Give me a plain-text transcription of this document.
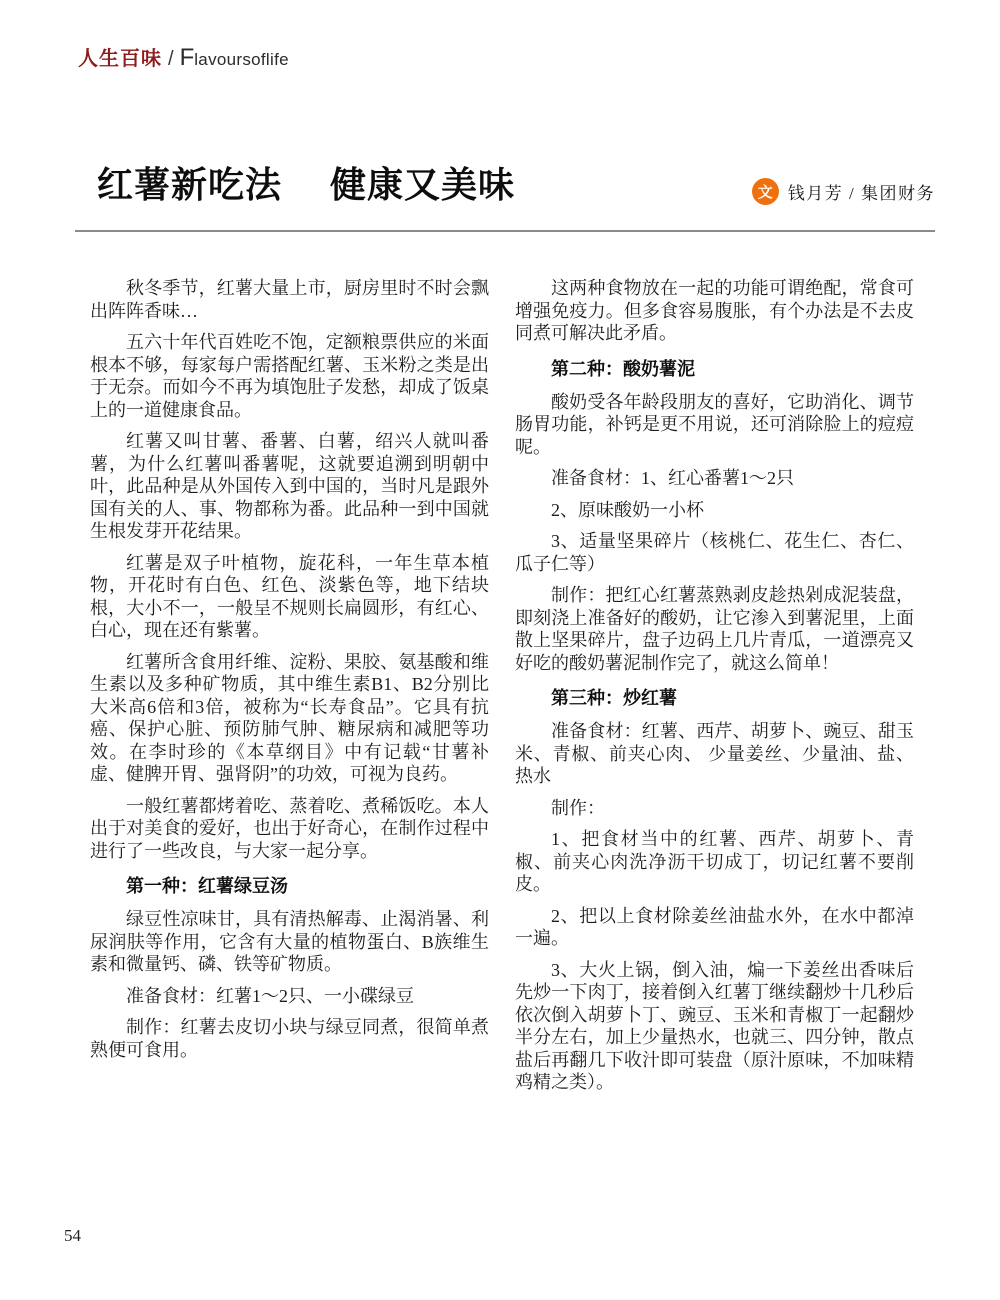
人生百味 / F lavoursoflife
红薯新吃法　 健康又美味	文 钱月芳 / 集团财务

秋冬季节，红薯大量上市，厨房里时不时会飘出阵阵香味…

五六十年代百姓吃不饱，定额粮票供应的米面根本不够，每家每户需搭配红薯、玉米粉之类是出于无奈。而如今不再为填饱肚子发愁，却成了饭桌上的一道健康食品。

红薯又叫甘薯、番薯、白薯，绍兴人就叫番薯，为什么红薯叫番薯呢，这就要追溯到明朝中叶，此品种是从外国传入到中国的，当时凡是跟外国有关的人、事、物都称为番。此品种一到中国就生根发芽开花结果。

红薯是双子叶植物，旋花科，一年生草本植物，开花时有白色、红色、淡紫色等，地下结块根，大小不一，一般呈不规则长扁圆形，有红心、白心，现在还有紫薯。

红薯所含食用纤维、淀粉、果胶、氨基酸和维生素以及多种矿物质，其中维生素B1、B2分别比大米高6倍和3倍，被称为“长寿食品”。它具有抗癌、保护心脏、预防肺气肿、糖尿病和减肥等功效。在李时珍的《本草纲目》中有记载“甘薯补虚、健脾开胃、强肾阴”的功效，可视为良药。

一般红薯都烤着吃、蒸着吃、煮稀饭吃。本人出于对美食的爱好，也出于好奇心，在制作过程中进行了一些改良，与大家一起分享。

第一种：红薯绿豆汤

绿豆性凉味甘，具有清热解毒、止渴消暑、利尿润肤等作用，它含有大量的植物蛋白、B族维生素和微量钙、磷、铁等矿物质。

准备食材：红薯1～2只、一小碟绿豆

制作：红薯去皮切小块与绿豆同煮，很简单煮熟便可食用。

这两种食物放在一起的功能可谓绝配，常食可增强免疫力。但多食容易腹胀，有个办法是不去皮同煮可解决此矛盾。

第二种：酸奶薯泥

酸奶受各年龄段朋友的喜好，它助消化、调节肠胃功能，补钙是更不用说，还可消除脸上的痘痘呢。

准备食材：1、红心番薯1～2只

2、原味酸奶一小杯

3、适量坚果碎片（核桃仁、花生仁、杏仁、瓜子仁等）

制作：把红心红薯蒸熟剥皮趁热剁成泥装盘，即刻浇上准备好的酸奶，让它渗入到薯泥里，上面散上坚果碎片，盘子边码上几片青瓜，一道漂亮又好吃的酸奶薯泥制作完了，就这么简单！

第三种：炒红薯

准备食材：红薯、西芹、胡萝卜、豌豆、甜玉米、青椒、前夹心肉、 少量姜丝、少量油、盐、热水

制作：

1、把食材当中的红薯、西芹、胡萝卜、青椒、前夹心肉洗净沥干切成丁，切记红薯不要削皮。

2、把以上食材除姜丝油盐水外，在水中都淖一遍。

3、大火上锅，倒入油，煸一下姜丝出香味后先炒一下肉丁，接着倒入红薯丁继续翻炒十几秒后依次倒入胡萝卜丁、豌豆、玉米和青椒丁一起翻炒半分左右，加上少量热水，也就三、四分钟，散点盐后再翻几下收汁即可装盘（原汁原味，不加味精鸡精之类）。

54
